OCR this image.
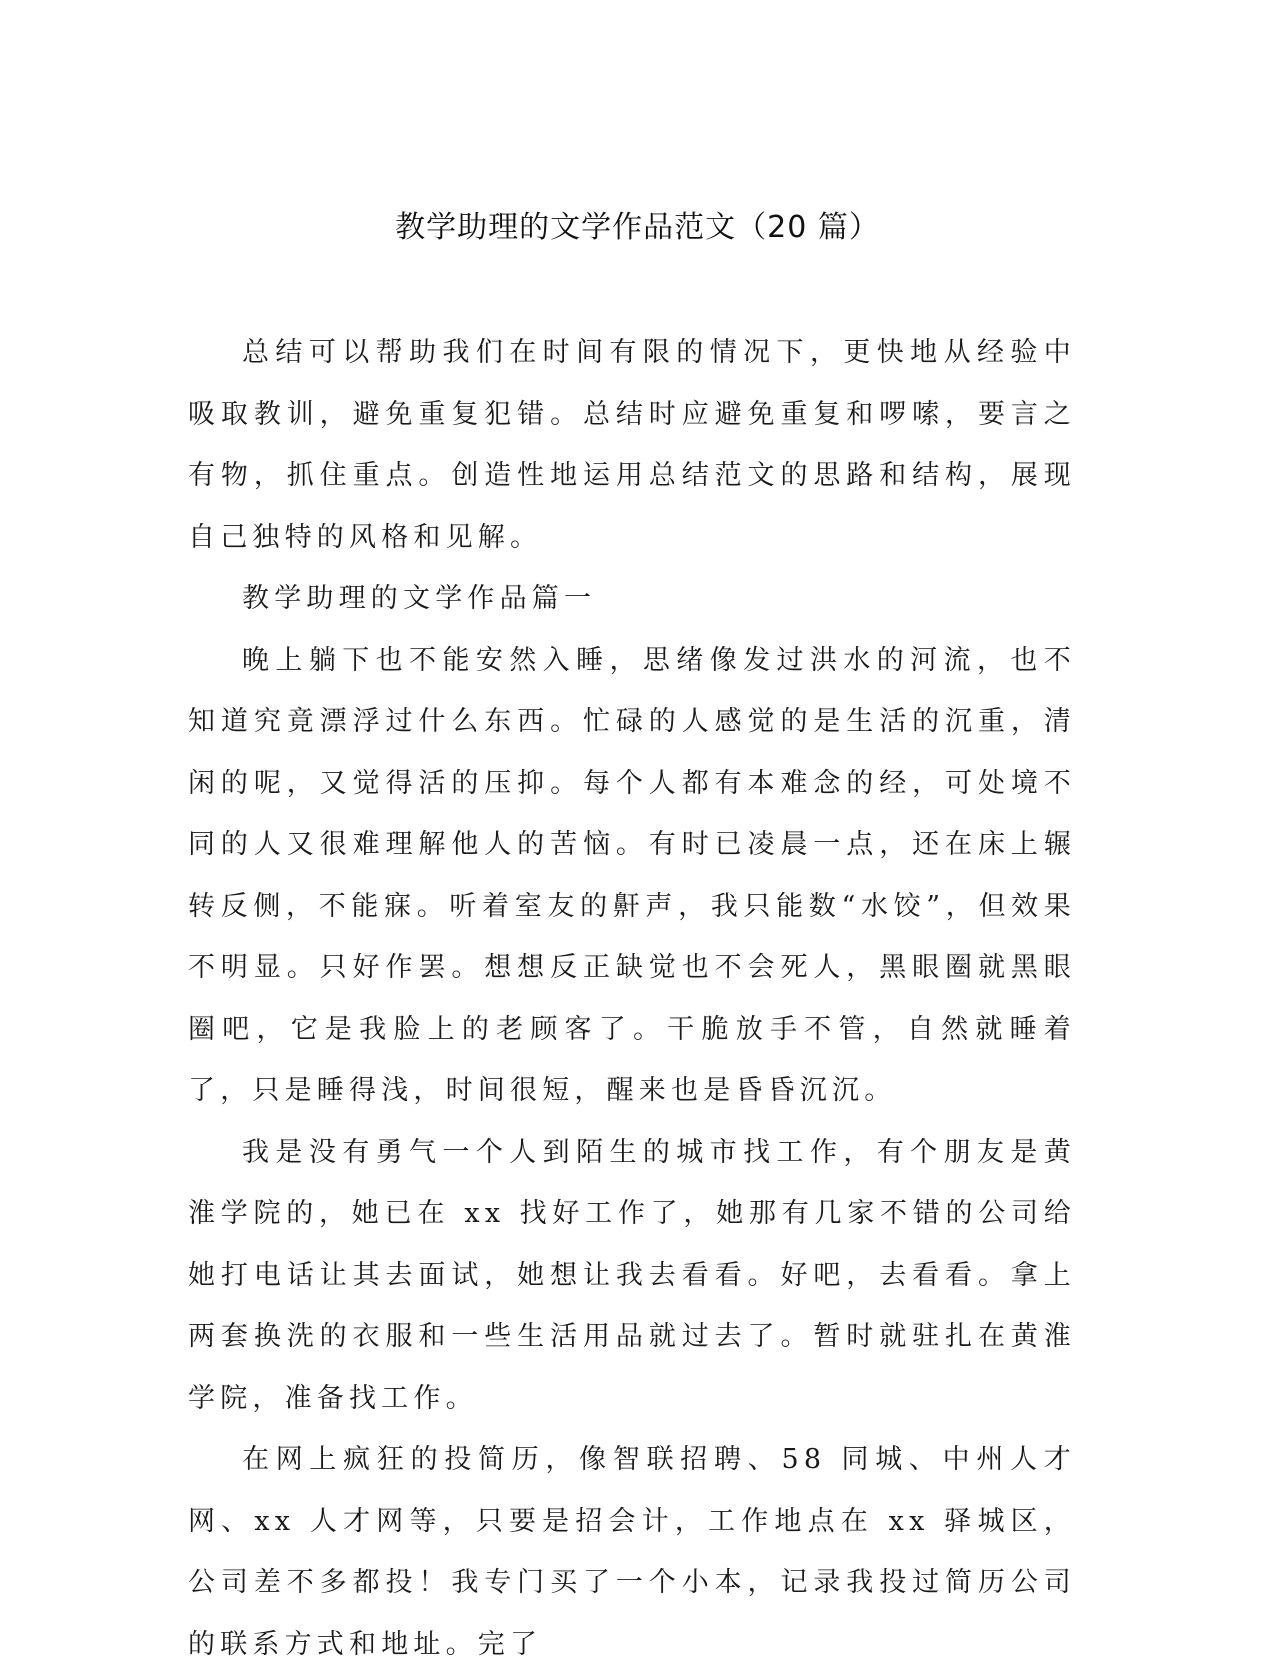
教学助理的文学作品范文（20 篇）

总结可以帮助我们在时间有限的情况下，更快地从经验中吸取教训，避免重复犯错。总结时应避免重复和啰嗦，要言之有物，抓住重点。创造性地运用总结范文的思路和结构，展现自己独特的风格和见解。

教学助理的文学作品篇一

晚上躺下也不能安然入睡，思绪像发过洪水的河流，也不知道究竟漂浮过什么东西。忙碌的人感觉的是生活的沉重，清闲的呢，又觉得活的压抑。每个人都有本难念的经，可处境不同的人又很难理解他人的苦恼。有时已凌晨一点，还在床上辗转反侧，不能寐。听着室友的鼾声，我只能数“水饺”，但效果不明显。只好作罢。想想反正缺觉也不会死人，黑眼圈就黑眼圈吧，它是我脸上的老顾客了。干脆放手不管，自然就睡着了，只是睡得浅，时间很短，醒来也是昏昏沉沉。

我是没有勇气一个人到陌生的城市找工作，有个朋友是黄淮学院的，她已在 xx 找好工作了，她那有几家不错的公司给她打电话让其去面试，她想让我去看看。好吧，去看看。拿上两套换洗的衣服和一些生活用品就过去了。暂时就驻扎在黄淮学院，准备找工作。

在网上疯狂的投简历，像智联招聘、58 同城、中州人才网、xx 人才网等，只要是招会计，工作地点在 xx 驿城区，公司差不多都投！我专门买了一个小本，记录我投过简历公司的联系方式和地址。完了
